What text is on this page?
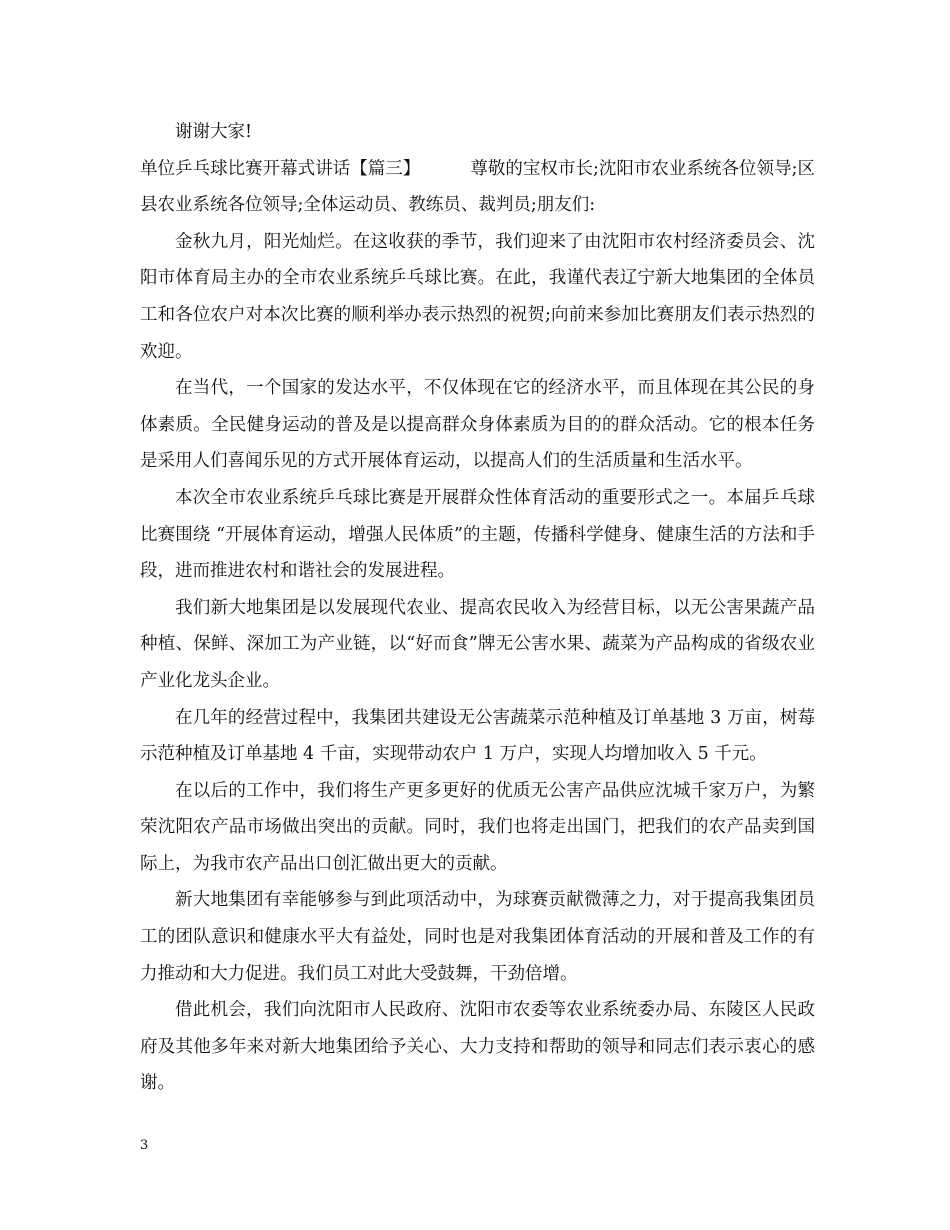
谢谢大家!

单位乒乓球比赛开幕式讲话【篇三】	尊敬的宝权市长;沈阳市农业系统各位领导;区县农业系统各位领导;全体运动员、教练员、裁判员;朋友们:

金秋九月，阳光灿烂。在这收获的季节，我们迎来了由沈阳市农村经济委员会、沈阳市体育局主办的全市农业系统乒乓球比赛。在此，我谨代表辽宁新大地集团的全体员工和各位农户对本次比赛的顺利举办表示热烈的祝贺;向前来参加比赛朋友们表示热烈的欢迎。

在当代，一个国家的发达水平，不仅体现在它的经济水平，而且体现在其公民的身体素质。全民健身运动的普及是以提高群众身体素质为目的的群众活动。它的根本任务是采用人们喜闻乐见的方式开展体育运动，以提高人们的生活质量和生活水平。

本次全市农业系统乒乓球比赛是开展群众性体育活动的重要形式之一。本届乒乓球比赛围绕 “开展体育运动，增强人民体质”的主题，传播科学健身、健康生活的方法和手段，进而推进农村和谐社会的发展进程。

我们新大地集团是以发展现代农业、提高农民收入为经营目标，以无公害果蔬产品种植、保鲜、深加工为产业链，以“好而食”牌无公害水果、蔬菜为产品构成的省级农业产业化龙头企业。

在几年的经营过程中，我集团共建设无公害蔬菜示范种植及订单基地 3 万亩，树莓示范种植及订单基地 4 千亩，实现带动农户 1 万户，实现人均增加收入 5 千元。

在以后的工作中，我们将生产更多更好的优质无公害产品供应沈城千家万户，为繁荣沈阳农产品市场做出突出的贡献。同时，我们也将走出国门，把我们的农产品卖到国际上，为我市农产品出口创汇做出更大的贡献。

新大地集团有幸能够参与到此项活动中，为球赛贡献微薄之力，对于提高我集团员工的团队意识和健康水平大有益处，同时也是对我集团体育活动的开展和普及工作的有力推动和大力促进。我们员工对此大受鼓舞，干劲倍增。

借此机会，我们向沈阳市人民政府、沈阳市农委等农业系统委办局、东陵区人民政府及其他多年来对新大地集团给予关心、大力支持和帮助的领导和同志们表示衷心的感谢。

3
